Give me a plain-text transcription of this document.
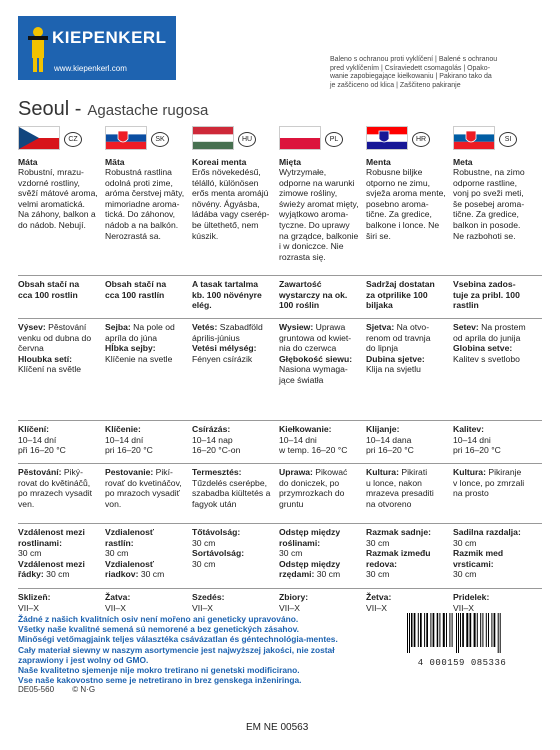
KIEPENKERL
www.kiepenkerl.com
Baleno s ochranou proti vyklíčení | Balené s ochranou
pred vyklíčením | Csíraviedett csomagolás | Opako-
wanie zapobiegające kiełkowaniu | Pakirano tako da
je zaščiceno od klica | Zaščiteno pakiranje
Seoul - Agastache rugosa
CZ
Máta
Robustní, mrazu-
vzdorné rostliny,
svěží mátové aroma,
velmi aromatická.
Na záhony, balkon a
do nádob. Nebují.
Obsah stačí na
cca 100 rostlin
Výsev: Pěstování
venku od dubna do
června
Hloubka setí:
Klíčení na světle
Klíčení:
10–14 dní
při 16–20 °C
Pěstování: Piký-
rovat do květináčů,
po mrazech vysadit
ven.
Vzdálenost mezi
rostlinami:
30 cm
Vzdálenost mezi
řádky: 30 cm
Sklizeň:
VII–X
SK
Māta
Robustná rastlina
odolná proti zime,
aróma čerstvej māty,
mimoriadne aroma-
tická. Do záhonov,
nádob a na balkón.
Nerozrastá sa.
Obsah stačí na
cca 100 rastlín
Sejba: Na pole od
apríla do júna
Hĺbka sejby:
Klíčenie na svetle
Klíčenie:
10–14 dní
pri 16–20 °C
Pestovanie: Pikí-
rovať do kvetináčov,
po mrazoch vysadiť
von.
Vzdialenosť
rastlín:
30 cm
Vzdialenosť
riadkov: 30 cm
Žatva:
VII–X
HU
Koreai menta
Erős növekedésű,
télálló, különösen
erős menta aromájú
növény. Ágyásba,
ládába vagy cserép-
be ültethető, nem
kúszik.
A tasak tartalma
kb. 100 növényre
elég.
Vetés: Szabadföld
április-június
Vetési mélység:
Fényen csírázik
Csírázás:
10–14 nap
16–20 °C-on
Termesztés:
Tűzdelés cserépbe,
szabadba kiültetés a
fagyok után
Tőtávolság:
30 cm
Sortávolság:
30 cm
Szedés:
VII–X
PL
Mięta
Wytrzymałe,
odporne na warunki
zimowe rośliny,
świeży aromat mięty,
wyjątkowo aroma-
tyczne. Do uprawy
na grządce, balkonie
i w doniczce. Nie
rozrasta się.
Zawartość
wystarczy na ok.
100 roślin
Wysiew: Uprawa
gruntowa od kwiet-
nia do czerwca
Głębokość siewu:
Nasiona wymaga-
jące światła
Kiełkowanie:
10–14 dni
w temp. 16–20 °C
Uprawa: Pikować
do doniczek, po
przymrozkach do
gruntu
Odstęp między
roślinami:
30 cm
Odstęp między
rzędami: 30 cm
Zbiory:
VII–X
HR
Menta
Robusne biljke
otporno ne zimu,
svježa aroma mente,
posebno aroma-
tične. Za gredice,
balkone i lonce. Ne
širi se.
Sadržaj dostatan
za otprilike 100
biljaka
Sjetva: Na otvo-
renom od travnja
do lipnja
Dubina sjetve:
Klija na svjetlu
Klijanje:
10–14 dana
pri 16–20 °C
Kultura: Pikirati
u lonce, nakon
mrazeva presaditi
na otvoreno
Razmak sadnje:
30 cm
Razmak između
redova:
30 cm
Žetva:
VII–X
SI
Meta
Robustne, na zimo
odporne rastline,
vonj po sveži meti,
še posebej aroma-
tične. Za gredice,
balkon in posode.
Ne razbohoti se.
Vsebina zados-
tuje za pribl. 100
rastlin
Setev: Na prostem
od aprila do junija
Globina setve:
Kalitev s svetlobo
Kalitev:
10–14 dni
pri 16–20 °C
Kultura: Pikiranje
v lonce, po zmrzali
na prosto
Sadilna razdalja:
30 cm
Razmik med
vrsticami:
30 cm
Pridelek:
VII–X
Žádné z našich kvalitních osiv není mořeno ani geneticky upravováno.
Všetky naše kvalitné semená sú nemorené a bez genetických zásahov.
Minőségi vetőmagjaink teljes választéka csávázatlan és géntechnológia-mentes.
Cały materiał siewny w naszym asortymencie jest najwyższej jakości, nie został
zaprawiony i jest wolny od GMO.
Naše kvalitetno sjemenje nije mokro tretirano ni genetski modificirano.
Vse naše kakovostno seme je netretirano in brez genskega inženiringa.
4 000159 085336
DE05-560 © N·G
EM NE 00563
